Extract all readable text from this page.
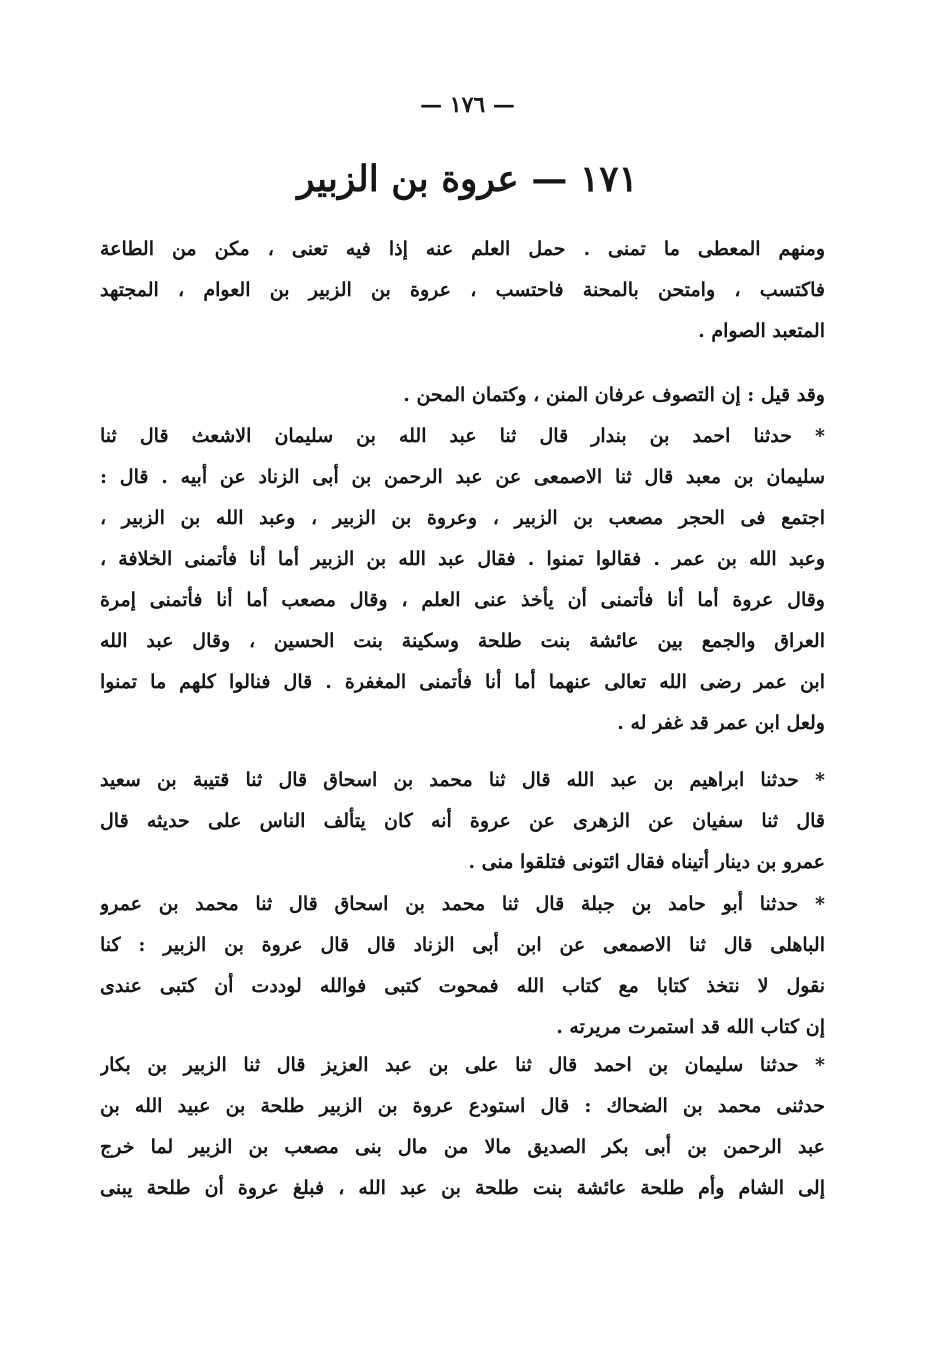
— ١٧٦ —
١٧١ — عروة بن الزبير
ومنهم المعطى ما تمنى . حمل العلم عنه إذا فيه تعنى ، مكن من الطاعة
فاكتسب ، وامتحن بالمحنة فاحتسب ، عروة بن الزبير بن العوام ، المجتهد
المتعبد الصوام .
وقد قيل : إن التصوف عرفان المنن ، وكتمان المحن .
* حدثنا احمد بن بندار قال ثنا عبد الله بن سليمان الاشعث قال ثنا
سليمان بن معبد قال ثنا الاصمعى عن عبد الرحمن بن أبى الزناد عن أبيه . قال :
اجتمع فى الحجر مصعب بن الزبير ، وعروة بن الزبير ، وعبد الله بن الزبير ،
وعبد الله بن عمر . فقالوا تمنوا . فقال عبد الله بن الزبير أما أنا فأتمنى الخلافة ،
وقال عروة أما أنا فأتمنى أن يأخذ عنى العلم ، وقال مصعب أما أنا فأتمنى إمرة
العراق والجمع بين عائشة بنت طلحة وسكينة بنت الحسين ، وقال عبد الله
ابن عمر رضى الله تعالى عنهما أما أنا فأتمنى المغفرة . قال فنالوا كلهم ما تمنوا
ولعل ابن عمر قد غفر له .
* حدثنا ابراهيم بن عبد الله قال ثنا محمد بن اسحاق قال ثنا قتيبة بن سعيد
قال ثنا سفيان عن الزهرى عن عروة أنه كان يتألف الناس على حديثه قال
عمرو بن دينار أتيناه فقال ائتونى فتلقوا منى .
* حدثنا أبو حامد بن جبلة قال ثنا محمد بن اسحاق قال ثنا محمد بن عمرو
الباهلى قال ثنا الاصمعى عن ابن أبى الزناد قال قال عروة بن الزبير : كنا
نقول لا نتخذ كتابا مع كتاب الله فمحوت كتبى فوالله لوددت أن كتبى عندى
إن كتاب الله قد استمرت مريرته .
* حدثنا سليمان بن احمد قال ثنا على بن عبد العزيز قال ثنا الزبير بن بكار
حدثنى محمد بن الضحاك : قال استودع عروة بن الزبير طلحة بن عبيد الله بن
عبد الرحمن بن أبى بكر الصديق مالا من مال بنى مصعب بن الزبير لما خرج
إلى الشام وأم طلحة عائشة بنت طلحة بن عبد الله ، فبلغ عروة أن طلحة يبنى
